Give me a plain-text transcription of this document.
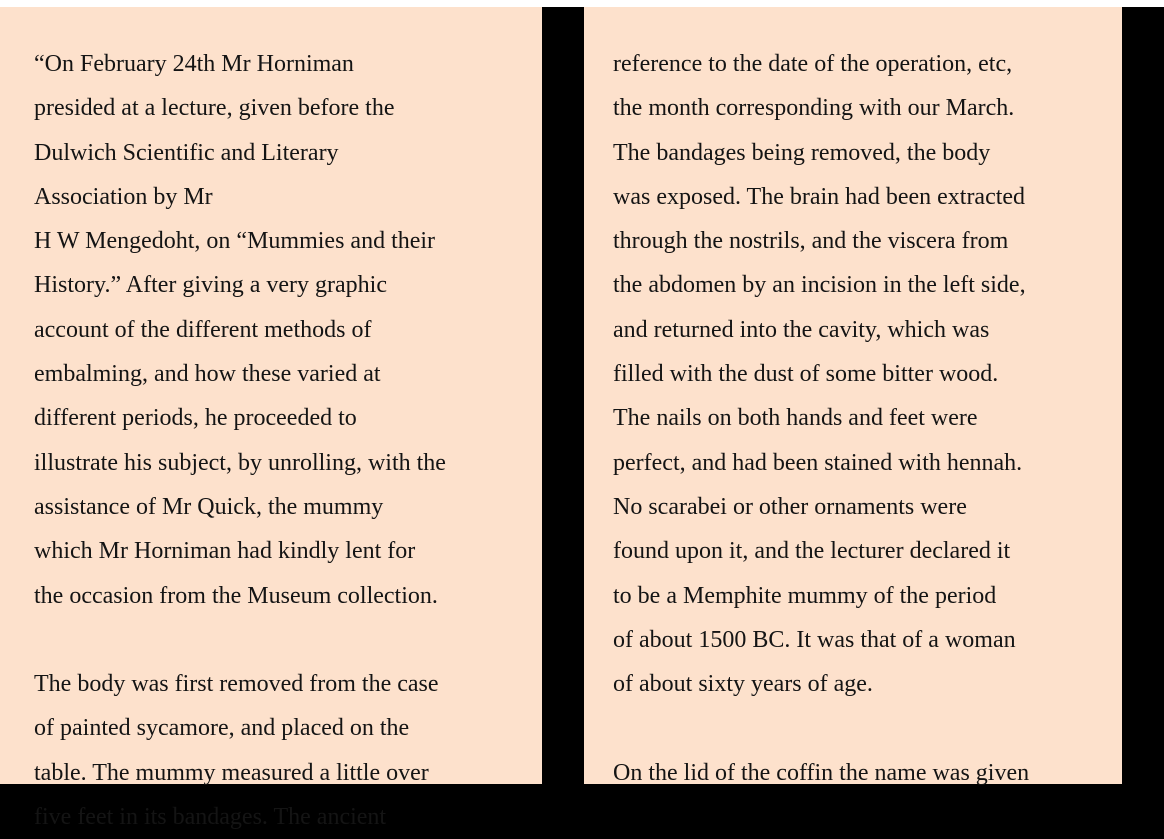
“On February 24th Mr Horniman
presided at a lecture, given before the
Dulwich Scientific and Literary
Association by Mr
H W Mengedoht, on “Mummies and their
History.” After giving a very graphic
account of the different methods of
embalming, and how these varied at
different periods, he proceeded to
illustrate his subject, by unrolling, with the
assistance of Mr Quick, the mummy
which Mr Horniman had kindly lent for
the occasion from the Museum collection.
The body was first removed from the case
of painted sycamore, and placed on the
table. The mummy measured a little over
five feet in its bandages. The ancient
reference to the date of the operation, etc,
the month corresponding with our March.
The bandages being removed, the body
was exposed. The brain had been extracted
through the nostrils, and the viscera from
the abdomen by an incision in the left side,
and returned into the cavity, which was
filled with the dust of some bitter wood.
The nails on both hands and feet were
perfect, and had been stained with hennah.
No scarabei or other ornaments were
found upon it, and the lecturer declared it
to be a Memphite mummy of the period
of about 1500 BC. It was that of a woman
of about sixty years of age.
On the lid of the coffin the name was given
